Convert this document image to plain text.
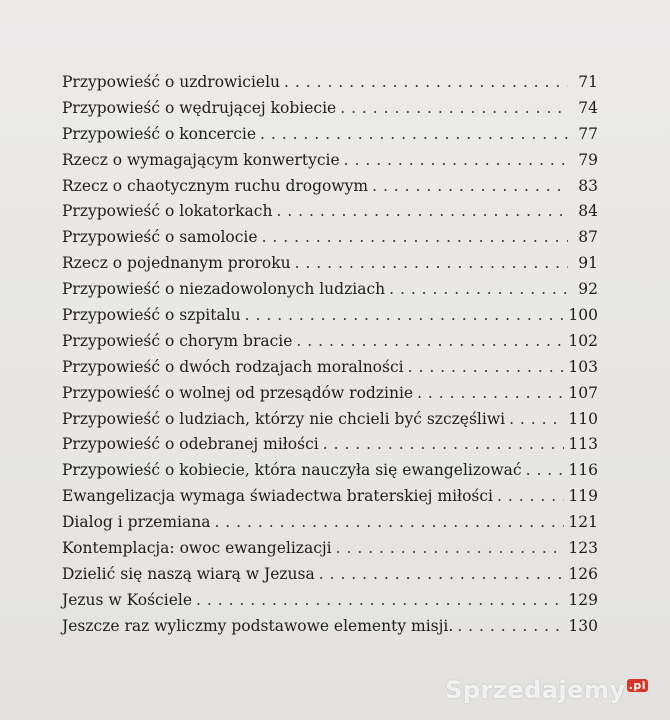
Przypowieść o uzdrowicielu . . .	71
Przypowieść o wędrującej kobiecie . . .	74
Przypowieść o koncercie . . .	77
Rzecz o wymagającym konwertycie . . .	79
Rzecz o chaotycznym ruchu drogowym . . .	83
Przypowieść o lokatorkach . . .	84
Przypowieść o samolocie . . .	87
Rzecz o pojednanym proroku . . .	91
Przypowieść o niezadowolonych ludziach . . .	92
Przypowieść o szpitalu . . .	100
Przypowieść o chorym bracie . . .	102
Przypowieść o dwóch rodzajach moralności . . .	103
Przypowieść o wolnej od przesądów rodzinie . . .	107
Przypowieść o ludziach, którzy nie chcieli być szczęśliwi . . .	110
Przypowieść o odebranej miłości . . .	113
Przypowieść o kobiecie, która nauczyła się ewangelizować . . .	116
Ewangelizacja wymaga świadectwa braterskiej miłości . . .	119
Dialog i przemiana . . .	121
Kontemplacja: owoc ewangelizacji . . .	123
Dzielić się naszą wiarą w Jezusa . . .	126
Jezus w Kościele . . .	129
Jeszcze raz wyliczmy podstawowe elementy misji. . . .	130
Sprzedajemy $^{.pl}$
